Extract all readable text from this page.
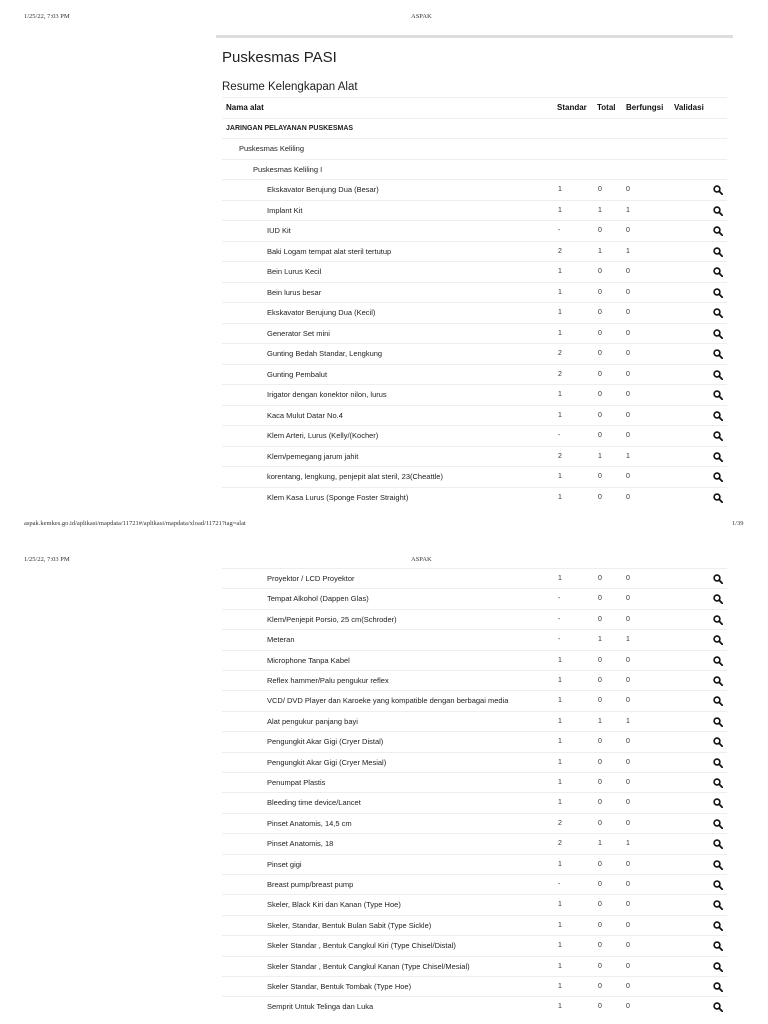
1/25/22, 7:03 PM	ASPAK
Puskesmas PASI
Resume Kelengkapan Alat
Nama alat	Standar	Total	Berfungsi	Validasi
JARINGAN PELAYANAN PUSKESMAS
Puskesmas Keliling
Puskesmas Keliling I
Ekskavator Berujung Dua (Besar)	1	0	0
Implant Kit	1	1	1
IUD Kit	-	0	0
Baki Logam tempat alat steril tertutup	2	1	1
Bein Lurus Kecil	1	0	0
Bein lurus besar	1	0	0
Ekskavator Berujung Dua (Kecil)	1	0	0
Generator Set mini	1	0	0
Gunting Bedah Standar, Lengkung	2	0	0
Gunting Pembalut	2	0	0
Irigator dengan konektor nilon, lurus	1	0	0
Kaca Mulut Datar No.4	1	0	0
Klem Arteri, Lurus (Kelly/(Kocher)	-	0	0
Klem/pemegang jarum jahit	2	1	1
korentang, lengkung, penjepit alat steril, 23(Cheattle)	1	0	0
Klem Kasa Lurus (Sponge Foster Straight)	1	0	0
aspak.kemkes.go.id/aplikasi/mapdata/11721#/aplikasi/mapdata/xload/11721?tag=alat	1/39
1/25/22, 7:03 PM	ASPAK
Proyektor / LCD Proyektor	1	0	0
Tempat Alkohol (Dappen Glas)	-	0	0
Klem/Penjepit Porsio, 25 cm(Schroder)	-	0	0
Meteran	-	1	1
Microphone Tanpa Kabel	1	0	0
Reflex hammer/Palu pengukur reflex	1	0	0
VCD/ DVD Player dan Karoeke yang kompatible dengan berbagai media	1	0	0
Alat pengukur panjang bayi	1	1	1
Pengungkit Akar Gigi (Cryer Distal)	1	0	0
Pengungkit Akar Gigi (Cryer Mesial)	1	0	0
Penumpat Plastis	1	0	0
Bleeding time device/Lancet	1	0	0
Pinset Anatomis, 14,5 cm	2	0	0
Pinset Anatomis, 18	2	1	1
Pinset gigi	1	0	0
Breast pump/breast pump	-	0	0
Skeler, Black Kiri dan Kanan (Type Hoe)	1	0	0
Skeler, Standar, Bentuk Bulan Sabit (Type Sickle)	1	0	0
Skeler Standar , Bentuk Cangkul Kiri (Type Chisel/Distal)	1	0	0
Skeler Standar , Bentuk Cangkul Kanan (Type Chisel/Mesial)	1	0	0
Skeler Standar, Bentuk Tombak (Type Hoe)	1	0	0
Semprit Untuk Telinga dan Luka	1	0	0
